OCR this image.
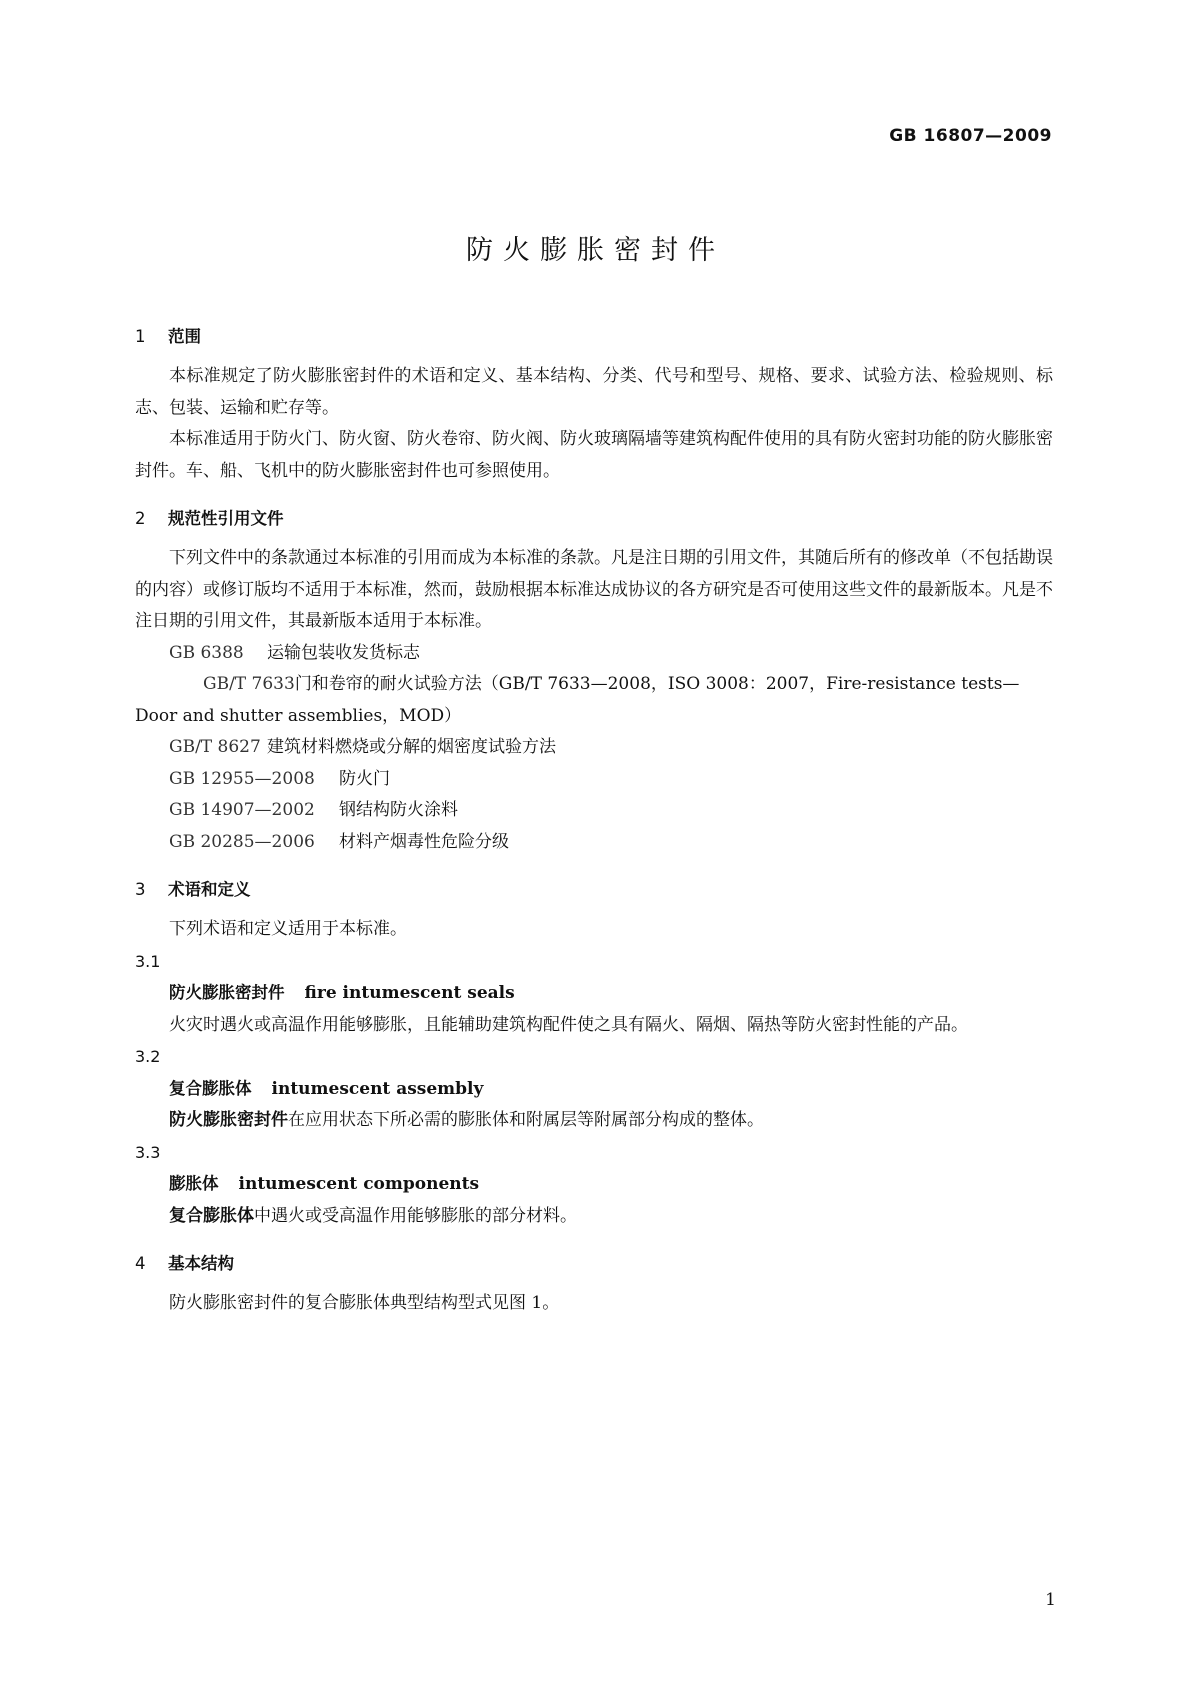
GB 16807—2009
防火膨胀密封件
1 范围

本标准规定了防火膨胀密封件的术语和定义、基本结构、分类、代号和型号、规格、要求、试验方法、检验规则、标志、包装、运输和贮存等。

本标准适用于防火门、防火窗、防火卷帘、防火阀、防火玻璃隔墙等建筑构配件使用的具有防火密封功能的防火膨胀密封件。车、船、飞机中的防火膨胀密封件也可参照使用。

2 规范性引用文件

下列文件中的条款通过本标准的引用而成为本标准的条款。凡是注日期的引用文件，其随后所有的修改单（不包括勘误的内容）或修订版均不适用于本标准，然而，鼓励根据本标准达成协议的各方研究是否可使用这些文件的最新版本。凡是不注日期的引用文件，其最新版本适用于本标准。

GB 6388 运输包装收发货标志

GB/T 7633门和卷帘的耐火试验方法（GB/T 7633—2008，ISO 3008：2007，Fire-resistance tests—Door and shutter assemblies，MOD）

GB/T 8627 建筑材料燃烧或分解的烟密度试验方法

GB 12955—2008 防火门

GB 14907—2002 钢结构防火涂料

GB 20285—2006 材料产烟毒性危险分级

3 术语和定义

下列术语和定义适用于本标准。

3.1

防火膨胀密封件 fire intumescent seals

火灾时遇火或高温作用能够膨胀，且能辅助建筑构配件使之具有隔火、隔烟、隔热等防火密封性能的产品。

3.2

复合膨胀体 intumescent assembly

防火膨胀密封件在应用状态下所必需的膨胀体和附属层等附属部分构成的整体。

3.3

膨胀体 intumescent components

复合膨胀体中遇火或受高温作用能够膨胀的部分材料。

4 基本结构

防火膨胀密封件的复合膨胀体典型结构型式见图 1。

1
